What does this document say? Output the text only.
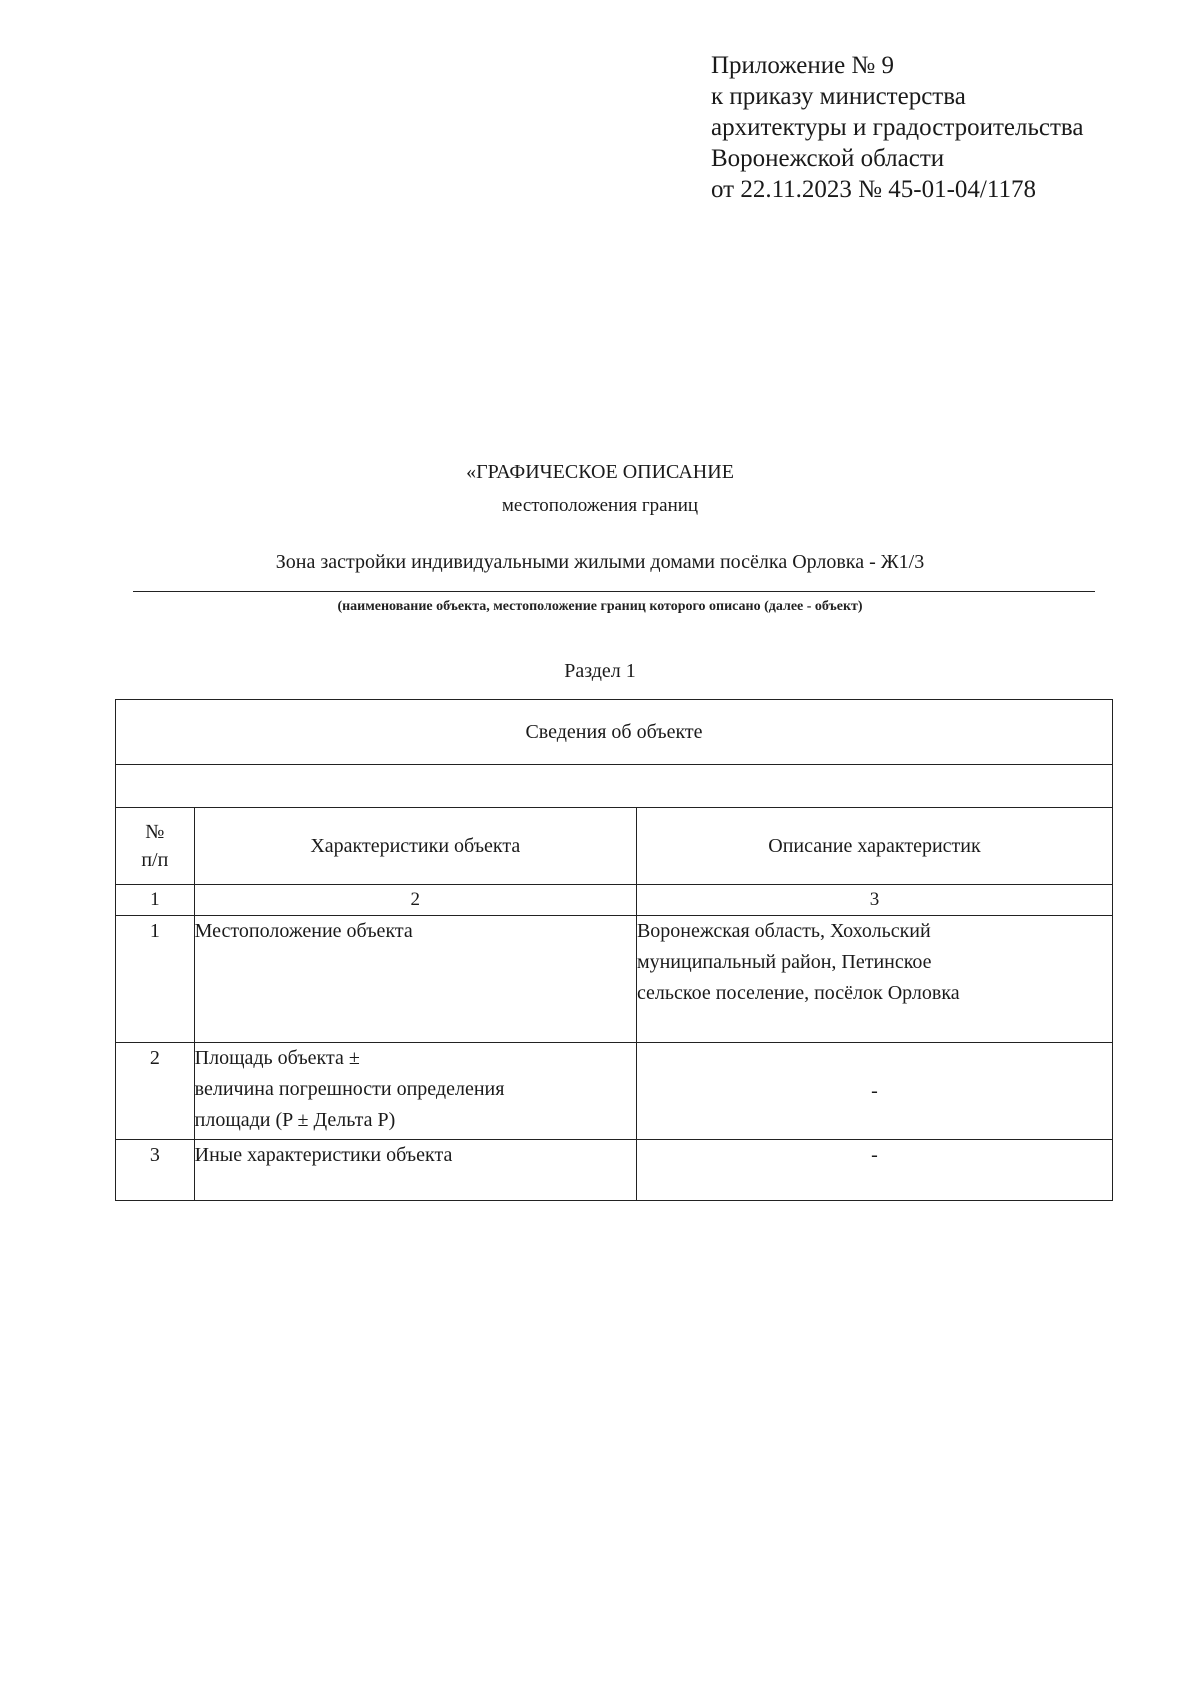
Приложение № 9
к приказу министерства
архитектуры и градостроительства
Воронежской области
от 22.11.2023 № 45-01-04/1178
«ГРАФИЧЕСКОЕ ОПИСАНИЕ
местоположения границ
Зона застройки индивидуальными жилыми домами посёлка Орловка - Ж1/3
(наименование объекта, местоположение границ которого описано (далее - объект)
Раздел 1
Сведения об объекте		

№
п/п	Характеристики объекта	Описание характеристик
1	2	3
1	Местоположение объекта	Воронежская область, Хохольский
муниципальный район, Петинское
сельское поселение, посёлок Орловка

2	Площадь объекта ±
величина погрешности определения
площади (P ± Дельта P)	-
3	Иные характеристики объекта	-
